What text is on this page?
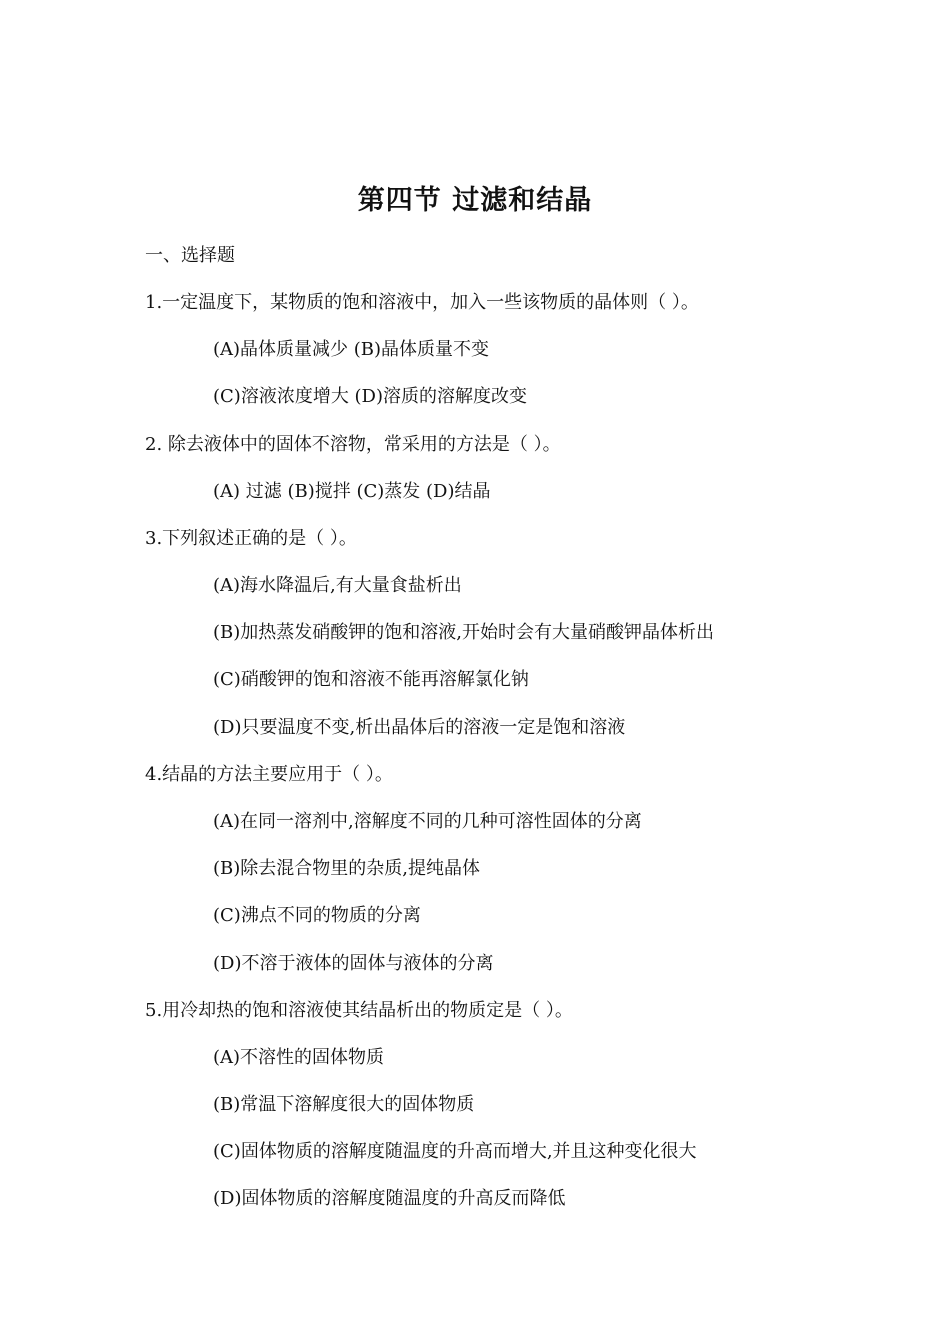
第四节 过滤和结晶
一、选择题
1.一定温度下，某物质的饱和溶液中，加入一些该物质的晶体则（ ）。
(A)晶体质量减少 (B)晶体质量不变
(C)溶液浓度增大 (D)溶质的溶解度改变
2. 除去液体中的固体不溶物，常采用的方法是（ ）。
(A) 过滤 (B)搅拌 (C)蒸发 (D)结晶
3.下列叙述正确的是（ ）。
(A)海水降温后,有大量食盐析出
(B)加热蒸发硝酸钾的饱和溶液,开始时会有大量硝酸钾晶体析出
(C)硝酸钾的饱和溶液不能再溶解氯化钠
(D)只要温度不变,析出晶体后的溶液一定是饱和溶液
4.结晶的方法主要应用于（ ）。
(A)在同一溶剂中,溶解度不同的几种可溶性固体的分离
(B)除去混合物里的杂质,提纯晶体
(C)沸点不同的物质的分离
(D)不溶于液体的固体与液体的分离
5.用冷却热的饱和溶液使其结晶析出的物质定是（ ）。
(A)不溶性的固体物质
(B)常温下溶解度很大的固体物质
(C)固体物质的溶解度随温度的升高而增大,并且这种变化很大
(D)固体物质的溶解度随温度的升高反而降低
